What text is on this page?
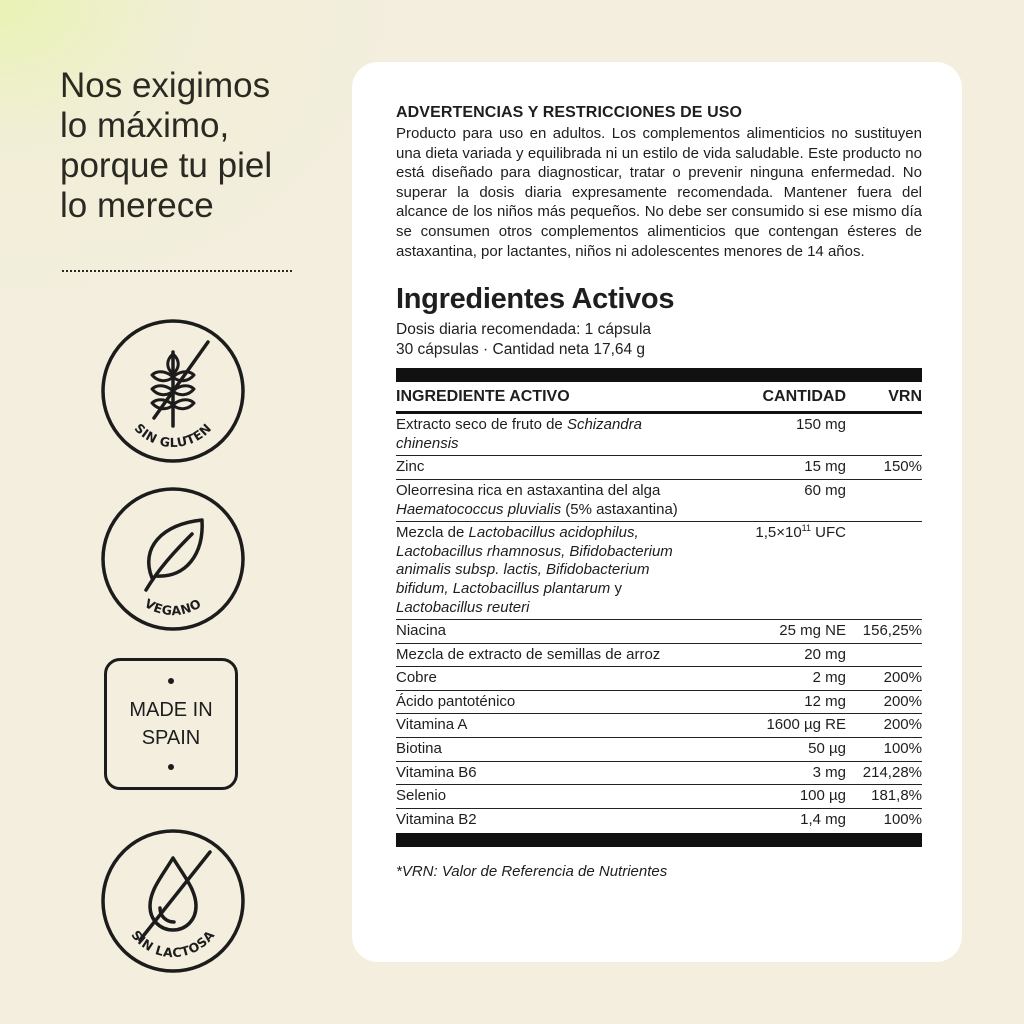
Nos exigimos
lo máximo,
porque tu piel
lo merece
SIN GLUTEN
VEGANO
MADE IN
SPAIN
SIN LACTOSA
ADVERTENCIAS Y RESTRICCIONES DE USO

Producto para uso en adultos. Los complementos alimenticios no sustituyen una dieta variada y equilibrada ni un estilo de vida saludable. Este producto no está diseñado para diagnosticar, tratar o prevenir ninguna enfermedad. No superar la dosis diaria expresamente recomendada. Mantener fuera del alcance de los niños más pequeños. No debe ser consumido si ese mismo día se consumen otros complementos alimenticios que contengan ésteres de astaxantina, por lactantes, niños ni adolescentes menores de 14 años.

Ingredientes Activos

Dosis diaria recomendada: 1 cápsula

30 cápsulas · Cantidad neta 17,64 g

INGREDIENTE ACTIVO	CANTIDAD	VRN
Extracto seco de fruto de Schizandra chinensis	150 mg	
Zinc	15 mg	150%
Oleorresina rica en astaxantina del alga Haematococcus pluvialis (5% astaxantina)	60 mg	
Mezcla de Lactobacillus acidophilus, Lactobacillus rhamnosus, Bifidobacterium animalis subsp. lactis, Bifidobacterium bifidum, Lactobacillus plantarum y Lactobacillus reuteri	$1,5\times 10^{11}$ UFC	
Niacina	25 mg NE	156,25%
Mezcla de extracto de semillas de arroz	20 mg	
Cobre	2 mg	200%
Ácido pantoténico	12 mg	200%
Vitamina A	1600 µg RE	200%
Biotina	50 µg	100%
Vitamina B6	3 mg	214,28%
Selenio	100 µg	181,8%
Vitamina B2	1,4 mg	100%

*VRN: Valor de Referencia de Nutrientes
